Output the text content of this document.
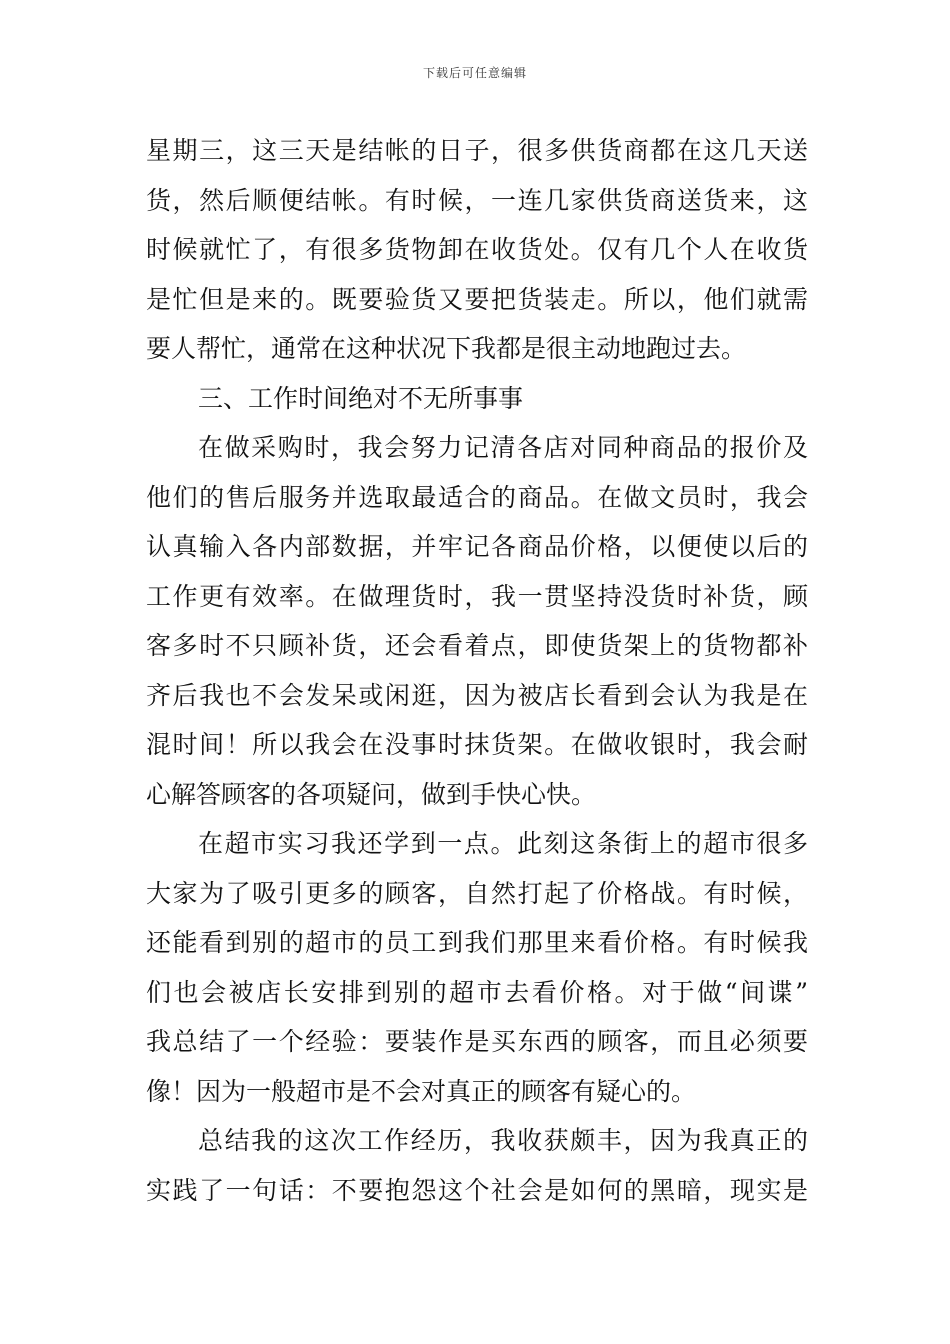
下载后可任意编辑
星期三，这三天是结帐的日子，很多供货商都在这几天送
货，然后顺便结帐。有时候，一连几家供货商送货来，这
时候就忙了，有很多货物卸在收货处。仅有几个人在收货
是忙但是来的。既要验货又要把货装走。所以，他们就需
要人帮忙，通常在这种状况下我都是很主动地跑过去。
三、工作时间绝对不无所事事
在做采购时，我会努力记清各店对同种商品的报价及
他们的售后服务并选取最适合的商品。在做文员时，我会
认真输入各内部数据，并牢记各商品价格，以便使以后的
工作更有效率。在做理货时，我一贯坚持没货时补货，顾
客多时不只顾补货，还会看着点，即使货架上的货物都补
齐后我也不会发呆或闲逛，因为被店长看到会认为我是在
混时间！所以我会在没事时抹货架。在做收银时，我会耐
心解答顾客的各项疑问，做到手快心快。
在超市实习我还学到一点。此刻这条街上的超市很多
大家为了吸引更多的顾客，自然打起了价格战。有时候，
还能看到别的超市的员工到我们那里来看价格。有时候我
们也会被店长安排到别的超市去看价格。对于做“间谍”
我总结了一个经验：要装作是买东西的顾客，而且必须要
像！因为一般超市是不会对真正的顾客有疑心的。
总结我的这次工作经历，我收获颇丰，因为我真正的
实践了一句话：不要抱怨这个社会是如何的黑暗，现实是
